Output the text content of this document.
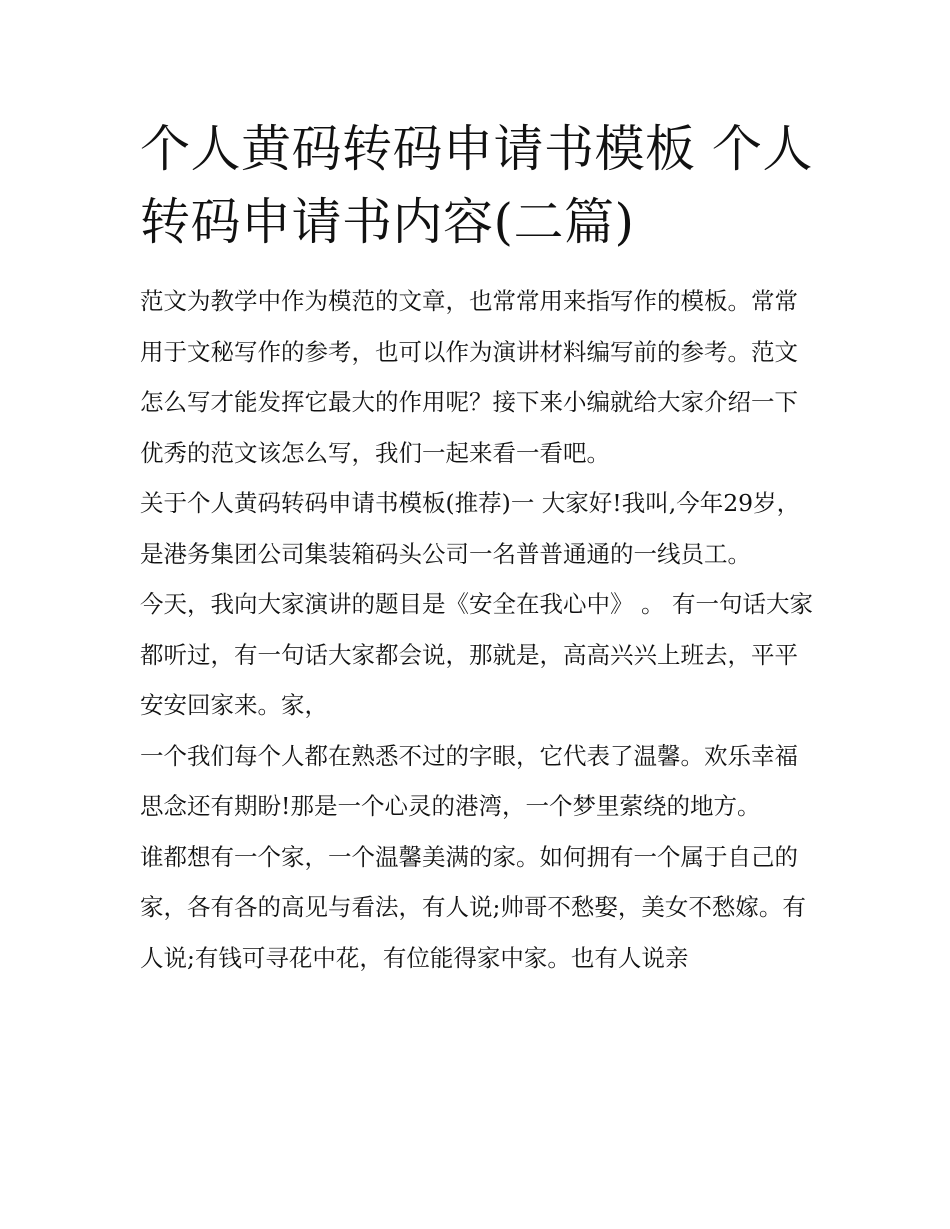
个人黄码转码申请书模板 个人转码申请书内容(二篇)

范文为教学中作为模范的文章，也常常用来指写作的模板。常常用于文秘写作的参考，也可以作为演讲材料编写前的参考。范文怎么写才能发挥它最大的作用呢？接下来小编就给大家介绍一下优秀的范文该怎么写，我们一起来看一看吧。

关于个人黄码转码申请书模板(推荐)一 大家好!我叫,今年29岁，是港务集团公司集装箱码头公司一名普普通通的一线员工。

今天，我向大家演讲的题目是《安全在我心中》 。 有一句话大家都听过，有一句话大家都会说，那就是，高高兴兴上班去，平平安安回家来。家，

一个我们每个人都在熟悉不过的字眼，它代表了温馨。欢乐幸福 思念还有期盼!那是一个心灵的港湾，一个梦里萦绕的地方。

谁都想有一个家，一个温馨美满的家。如何拥有一个属于自己的家，各有各的高见与看法，有人说;帅哥不愁娶，美女不愁嫁。有人说;有钱可寻花中花，有位能得家中家。也有人说亲
